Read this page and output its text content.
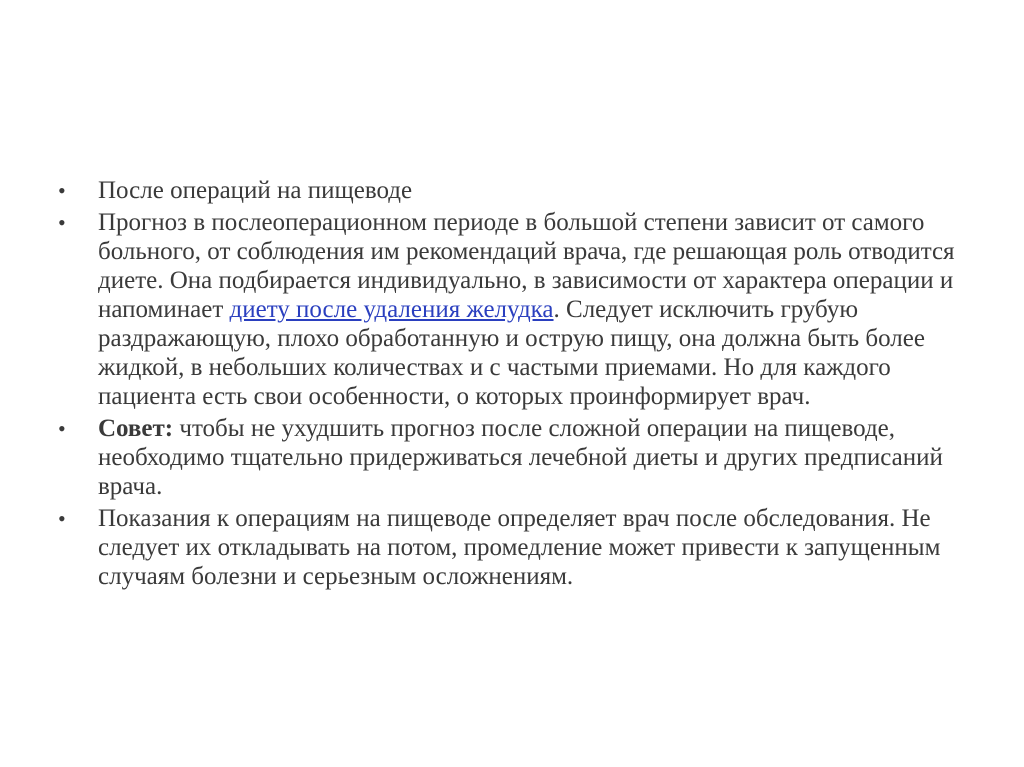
• После операций на пищеводе
• Прогноз в послеоперационном периоде в большой степени зависит от самого больного, от соблюдения им рекомендаций врача, где решающая роль отводится диете. Она подбирается индивидуально, в зависимости от характера операции и напоминает диету после удаления желудка. Следует исключить грубую раздражающую, плохо обработанную и острую пищу, она должна быть более жидкой, в небольших количествах и с частыми приемами. Но для каждого пациента есть свои особенности, о которых проинформирует врач.
• Совет: чтобы не ухудшить прогноз после сложной операции на пищеводе, необходимо тщательно придерживаться лечебной диеты и других предписаний врача.
• Показания к операциям на пищеводе определяет врач после обследования. Не следует их откладывать на потом, промедление может привести к запущенным случаям болезни и серьезным осложнениям.
